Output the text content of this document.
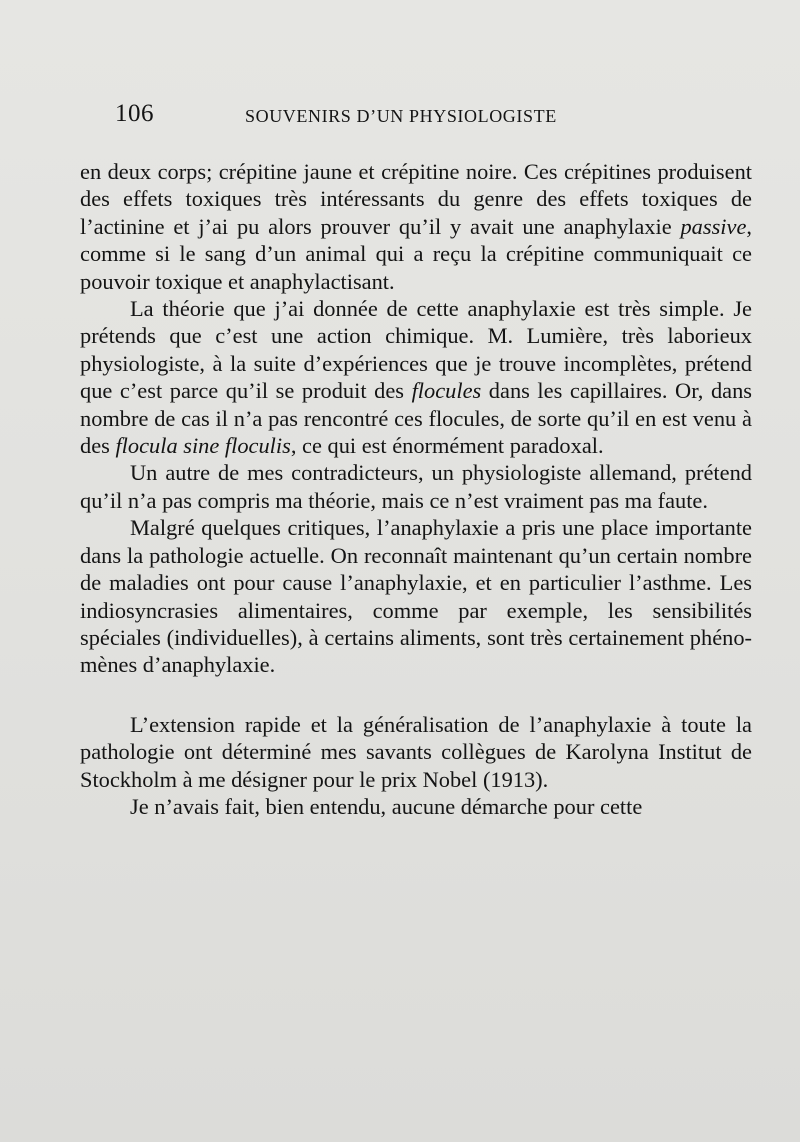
106	SOUVENIRS D’UN PHYSIOLOGISTE

en deux corps; crépitine jaune et crépitine noire. Ces crépitines produisent des effets toxiques très intéressants du genre des effets toxiques de l’actinine et j’ai pu alors prouver qu’il y avait une anaphylaxie passive, comme si le sang d’un animal qui a reçu la crépitine communiquait ce pouvoir toxique et anaphylactisant.

La théorie que j’ai donnée de cette anaphylaxie est très simple. Je prétends que c’est une action chimique. M. Lumière, très laborieux physiologiste, à la suite d’expériences que je trouve incomplètes, prétend que c’est parce qu’il se produit des flocules dans les capillaires. Or, dans nombre de cas il n’a pas rencontré ces flocules, de sorte qu’il en est venu à des flocula sine floculis, ce qui est énormément paradoxal.

Un autre de mes contradicteurs, un physiologiste allemand, prétend qu’il n’a pas compris ma théorie, mais ce n’est vraiment pas ma faute.

Malgré quelques critiques, l’anaphylaxie a pris une place importante dans la pathologie actuelle. On reconnaît maintenant qu’un certain nombre de maladies ont pour cause l’anaphylaxie, et en particulier l’asthme. Les indiosyncrasies alimentaires, comme par exemple, les sensibilités spéciales (individuelles), à certains aliments, sont très certainement phénomènes d’anaphylaxie.

L’extension rapide et la généralisation de l’anaphylaxie à toute la pathologie ont déterminé mes savants collègues de Karolyna Institut de Stockholm à me désigner pour le prix Nobel (1913).

Je n’avais fait, bien entendu, aucune démarche pour cette
